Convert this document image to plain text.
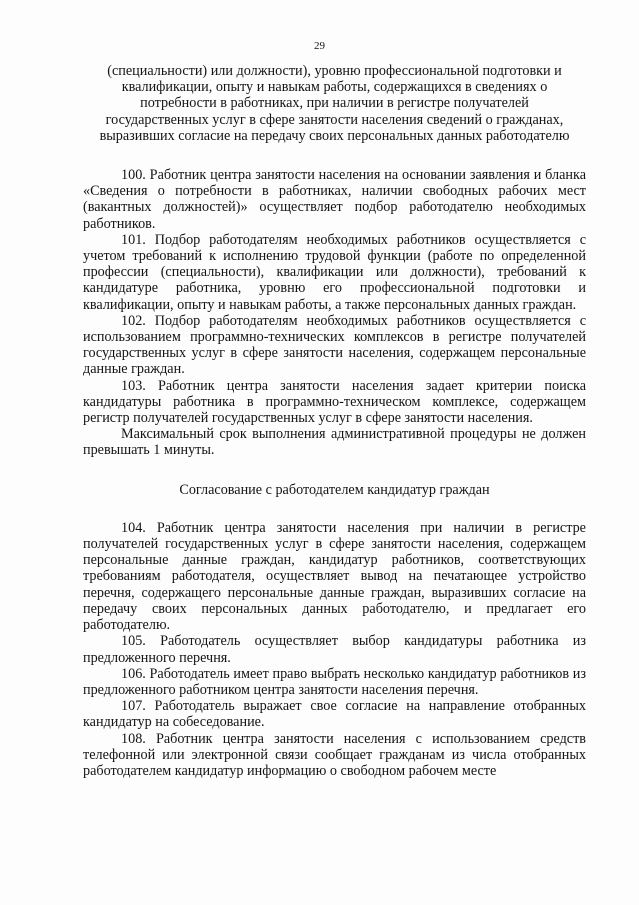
29
(специальности) или должности), уровню профессиональной подготовки и
квалификации, опыту и навыкам работы, содержащихся в сведениях о
потребности в работниках, при наличии в регистре получателей
государственных услуг в сфере занятости населения сведений о гражданах,
выразивших согласие на передачу своих персональных данных работодателю

100. Работник центра занятости населения на основании заявления и бланка «Сведения о потребности в работниках, наличии свободных рабочих мест (вакантных должностей)» осуществляет подбор работодателю необходимых работников.

101. Подбор работодателям необходимых работников осуществляется с учетом требований к исполнению трудовой функции (работе по определенной профессии (специальности), квалификации или должности), требований к кандидатуре работника, уровню его профессиональной подготовки и квалификации, опыту и навыкам работы, а также персональных данных граждан.

102. Подбор работодателям необходимых работников осуществляется с использованием программно-технических комплексов в регистре получателей государственных услуг в сфере занятости населения, содержащем персональные данные граждан.

103. Работник центра занятости населения задает критерии поиска кандидатуры работника в программно-техническом комплексе, содержащем регистр получателей государственных услуг в сфере занятости населения.

Максимальный срок выполнения административной процедуры не должен превышать 1 минуты.

Согласование с работодателем кандидатур граждан

104. Работник центра занятости населения при наличии в регистре получателей государственных услуг в сфере занятости населения, содержащем персональные данные граждан, кандидатур работников, соответствующих требованиям работодателя, осуществляет вывод на печатающее устройство перечня, содержащего персональные данные граждан, выразивших согласие на передачу своих персональных данных работодателю, и предлагает его работодателю.

105. Работодатель осуществляет выбор кандидатуры работника из предложенного перечня.

106. Работодатель имеет право выбрать несколько кандидатур работников из предложенного работником центра занятости населения перечня.

107. Работодатель выражает свое согласие на направление отобранных кандидатур на собеседование.

108. Работник центра занятости населения с использованием средств телефонной или электронной связи сообщает гражданам из числа отобранных работодателем кандидатур информацию о свободном рабочем месте
